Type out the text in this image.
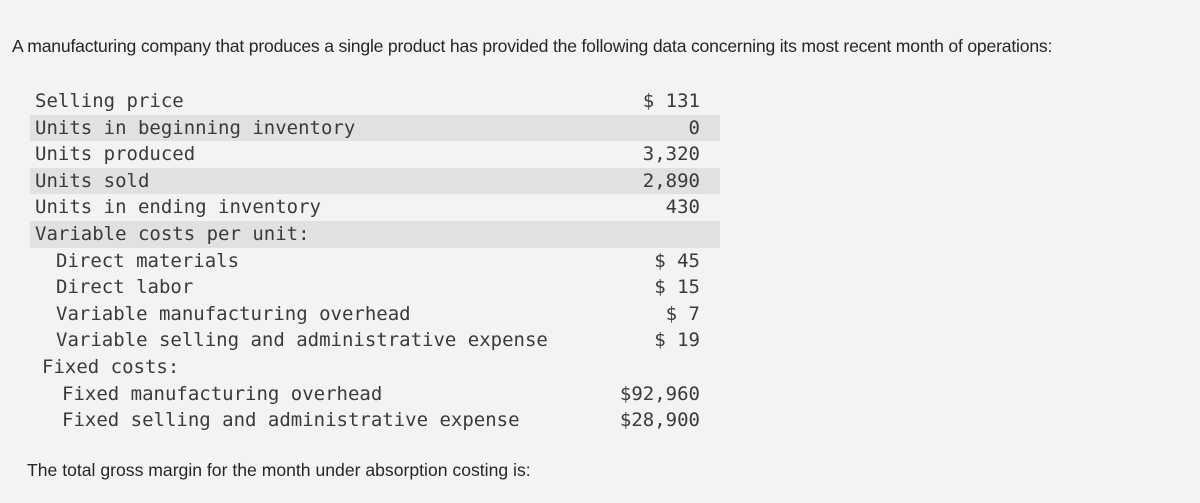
A manufacturing company that produces a single product has provided the following data concerning its most recent month of operations:
Selling price	$ 131
Units in beginning inventory	0
Units produced	3,320
Units sold	2,890
Units in ending inventory	430
Variable costs per unit:
Direct materials	$ 45
Direct labor	$ 15
Variable manufacturing overhead	$ 7
Variable selling and administrative expense	$ 19
Fixed costs:
Fixed manufacturing overhead	$92,960
Fixed selling and administrative expense	$28,900
The total gross margin for the month under absorption costing is:
